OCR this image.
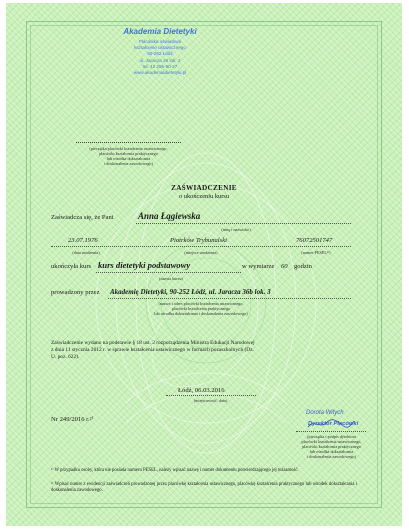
Akademia Dietetyki
Placówka oświatowa
kształcenie ustawicznego
90-252 Łódź
ul. Jaracza 36 lok. 3
tel. 42 255-90-27
www.akademiadietetyki.pl
(pieczątka placówki kształcenia ustawicznego,
placówki kształcenia praktycznego
lub ośrodka dokształcania
i doskonalenia zawodowego)
ZAŚWIADCZENIE
o ukończeniu kursu
Zaświadcza się, że Pani	Anna Łągiewska
(imię i nazwisko)
23.07.1976	Piotrków Trybunalski	76072501747
(data urodzenia)	(miejsce urodzenia)	(numer PESEL¹⁾)
ukończyła kurs kurs dietetyki podstawowy	w wymiarze 60 godzin
(nazwa kursu)
prowadzony przez Akademię Dietetyki, 90-252 Łódź, ul. Jaracza 36b lok. 3
(nazwa i adres placówki kształcenia ustawicznego,
placówki kształcenia praktycznego
lub ośrodka dokształcania i doskonalenia zawodowego)
Zaświadczenie wydano na podstawie § 18 ust. 2 rozporządzenia Ministra Edukacji Narodowej
z dnia 11 stycznia 2012 r. w sprawie kształcenia ustawicznego w formach pozaszkolnych (Dz.
U. poz. 622).
Łódź, 06.03.2016
(miejscowość, data)
Nr 249/2016 r.²⁾
Dorota Witych
Dyrektor Placówki
(pieczątka i podpis dyrektora
placówki kształcenia ustawicznego,
placówki kształcenia praktycznego
lub ośrodka dokształcania
i doskonalenia zawodowego)
¹⁾ W przypadku osoby, która nie posiada numeru PESEL, należy wpisać nazwę i numer dokumentu potwierdzającego jej tożsamość.
²⁾ Wpisać numer z ewidencji zaświadczeń prowadzonej przez placówkę kształcenia ustawicznego, placówkę kształcenia praktycznego lub ośrodek dokształcania i doskonalenia zawodowego.
